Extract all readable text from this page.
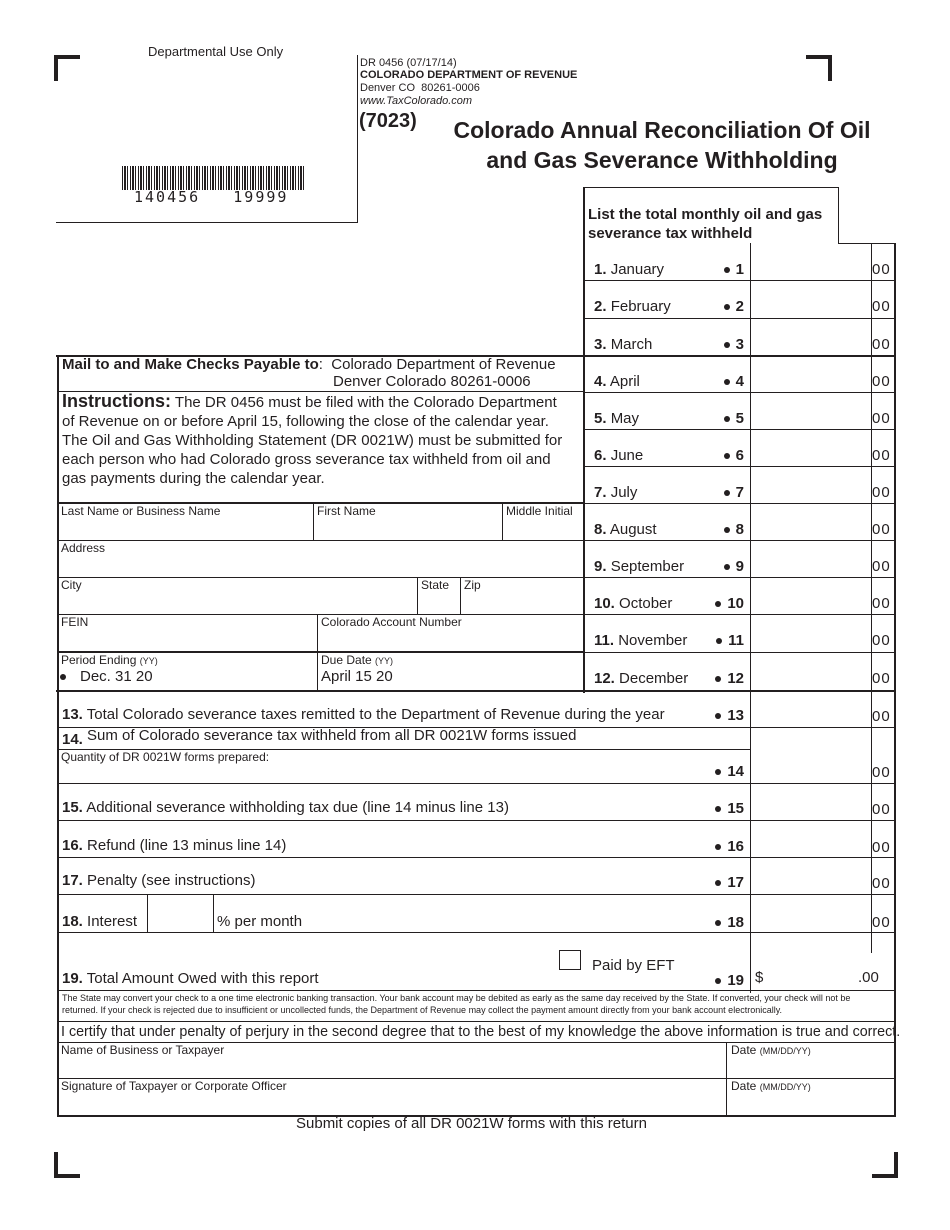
Departmental Use Only
140456   19999
DR 0456 (07/17/14)
COLORADO DEPARTMENT OF REVENUE
Denver CO  80261-0006
www.TaxColorado.com
(7023)	Colorado Annual Reconciliation Of Oil
and Gas Severance Withholding
List the total monthly oil and gas severance tax withheld
1. January	1	00
2. February	2	00
3. March	3	00
4. April	4	00
5. May	5	00
6. June	6	00
7. July	7	00
8. August	8	00
9. September	9	00
10. October	10	00
11. November	11	00
12. December	12	00
Mail to and Make Checks Payable to:  Colorado Department of Revenue
Denver Colorado 80261-0006
Instructions: The DR 0456 must be filed with the Colorado Department
of Revenue on or before April 15, following the close of the calendar year.
The Oil and Gas Withholding Statement (DR 0021W) must be submitted for
each person who had Colorado gross severance tax withheld from oil and
gas payments during the calendar year.
Last Name or Business Name	First Name	Middle Initial
Address
City	State Zip
FEIN	Colorado Account Number
Period Ending (YY)
Dec. 31 20
Due Date (YY)
April 15 20
13. Total Colorado severance taxes remitted to the Department of Revenue during the year	13	00
14. Sum of Colorado severance tax withheld from all DR 0021W forms issued
Quantity of DR 0021W forms prepared:
14	00
15. Additional severance withholding tax due (line 14 minus line 13)	15	00
16. Refund (line 13 minus line 14)	16	00
17. Penalty (see instructions)	17	00
18. Interest	% per month	18	00
Paid by EFT
19. Total Amount Owed with this report	19 $	.00
The State may convert your check to a one time electronic banking transaction. Your bank account may be debited as early as the same day received by the State. If converted, your check will not be returned. If your check is rejected due to insufficient or uncollected funds, the Department of Revenue may collect the payment amount directly from your bank account electronically.
I certify that under penalty of perjury in the second degree that to the best of my knowledge the above information is true and correct.
Name of Business or Taxpayer	Date (MM/DD/YY)
Signature of Taxpayer or Corporate Officer	Date (MM/DD/YY)
Submit copies of all DR 0021W forms with this return
